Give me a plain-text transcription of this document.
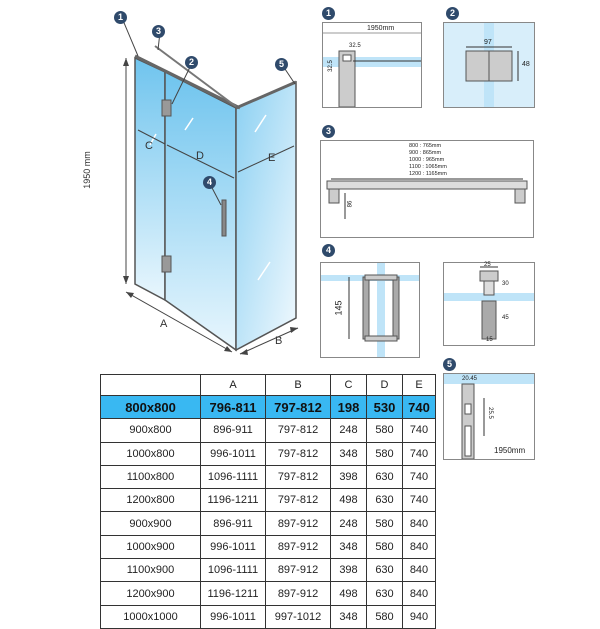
1
2
3
4
5
C
D	E
A
B
1950 mm
1
1950mm
32.5
32.5
2
97
48
3
800 : 765mm
900 : 865mm
1000 : 965mm
1100 : 1065mm
1200 : 1165mm
86
4
145
25
30
45
15
5
20.45
25.5
1950mm
	A	B	C	D	E
800x800	796-811	797-812	198	530	740
900x800	896-911	797-812	248	580	740
1000x800	996-1011	797-812	348	580	740
1100x800	1096-1111	797-812	398	630	740
1200x800	1196-1211	797-812	498	630	740
900x900	896-911	897-912	248	580	840
1000x900	996-1011	897-912	348	580	840
1100x900	1096-1111	897-912	398	630	840
1200x900	1196-1211	897-912	498	630	840
1000x1000	996-1011	997-1012	348	580	940
